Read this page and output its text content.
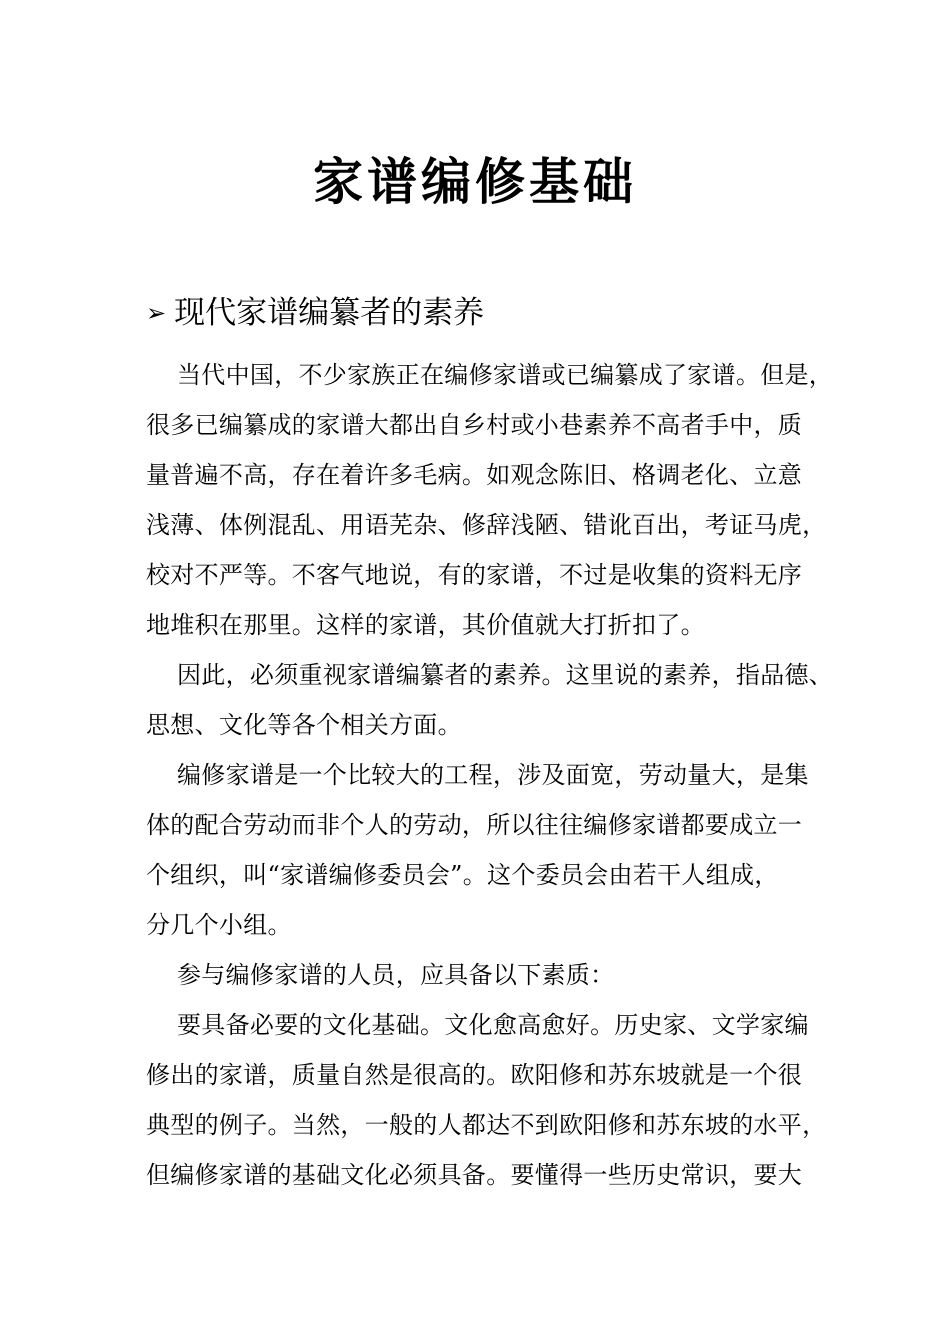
家谱编修基础
➢ 现代家谱编纂者的素养
当代中国，不少家族正在编修家谱或已编纂成了家谱。但是，
很多已编纂成的家谱大都出自乡村或小巷素养不高者手中，质
量普遍不高，存在着许多毛病。如观念陈旧、格调老化、立意
浅薄、体例混乱、用语芜杂、修辞浅陋、错讹百出，考证马虎，
校对不严等。不客气地说，有的家谱，不过是收集的资料无序
地堆积在那里。这样的家谱，其价值就大打折扣了。
因此，必须重视家谱编纂者的素养。这里说的素养，指品德、
思想、文化等各个相关方面。
编修家谱是一个比较大的工程，涉及面宽，劳动量大，是集
体的配合劳动而非个人的劳动，所以往往编修家谱都要成立一
个组织，叫“家谱编修委员会”。这个委员会由若干人组成，
分几个小组。
参与编修家谱的人员，应具备以下素质：
要具备必要的文化基础。文化愈高愈好。历史家、文学家编
修出的家谱，质量自然是很高的。欧阳修和苏东坡就是一个很
典型的例子。当然，一般的人都达不到欧阳修和苏东坡的水平，
但编修家谱的基础文化必须具备。要懂得一些历史常识，要大
